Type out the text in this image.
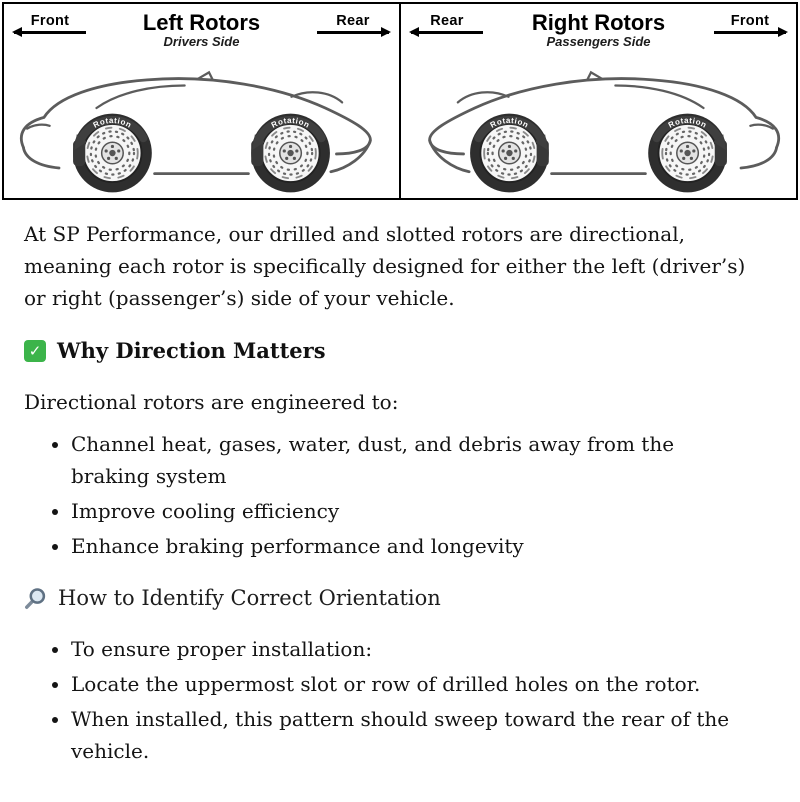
Front	Left Rotors
Drivers Side
Rear
Rotation	Rotation
Rear	Right Rotors
Passengers Side
Front
Rotation
Rotation

At SP Performance, our drilled and slotted rotors are directional, meaning each rotor is specifically designed for either the left (driver’s) or right (passenger’s) side of your vehicle.

✓
Why Direction Matters

Directional rotors are engineered to:

• Channel heat, gases, water, dust, and debris away from the braking system
• Improve cooling efficiency
• Enhance braking performance and longevity
How to Identify Correct Orientation
• To ensure proper installation:
• Locate the uppermost slot or row of drilled holes on the rotor.
• When installed, this pattern should sweep toward the rear of the vehicle.
